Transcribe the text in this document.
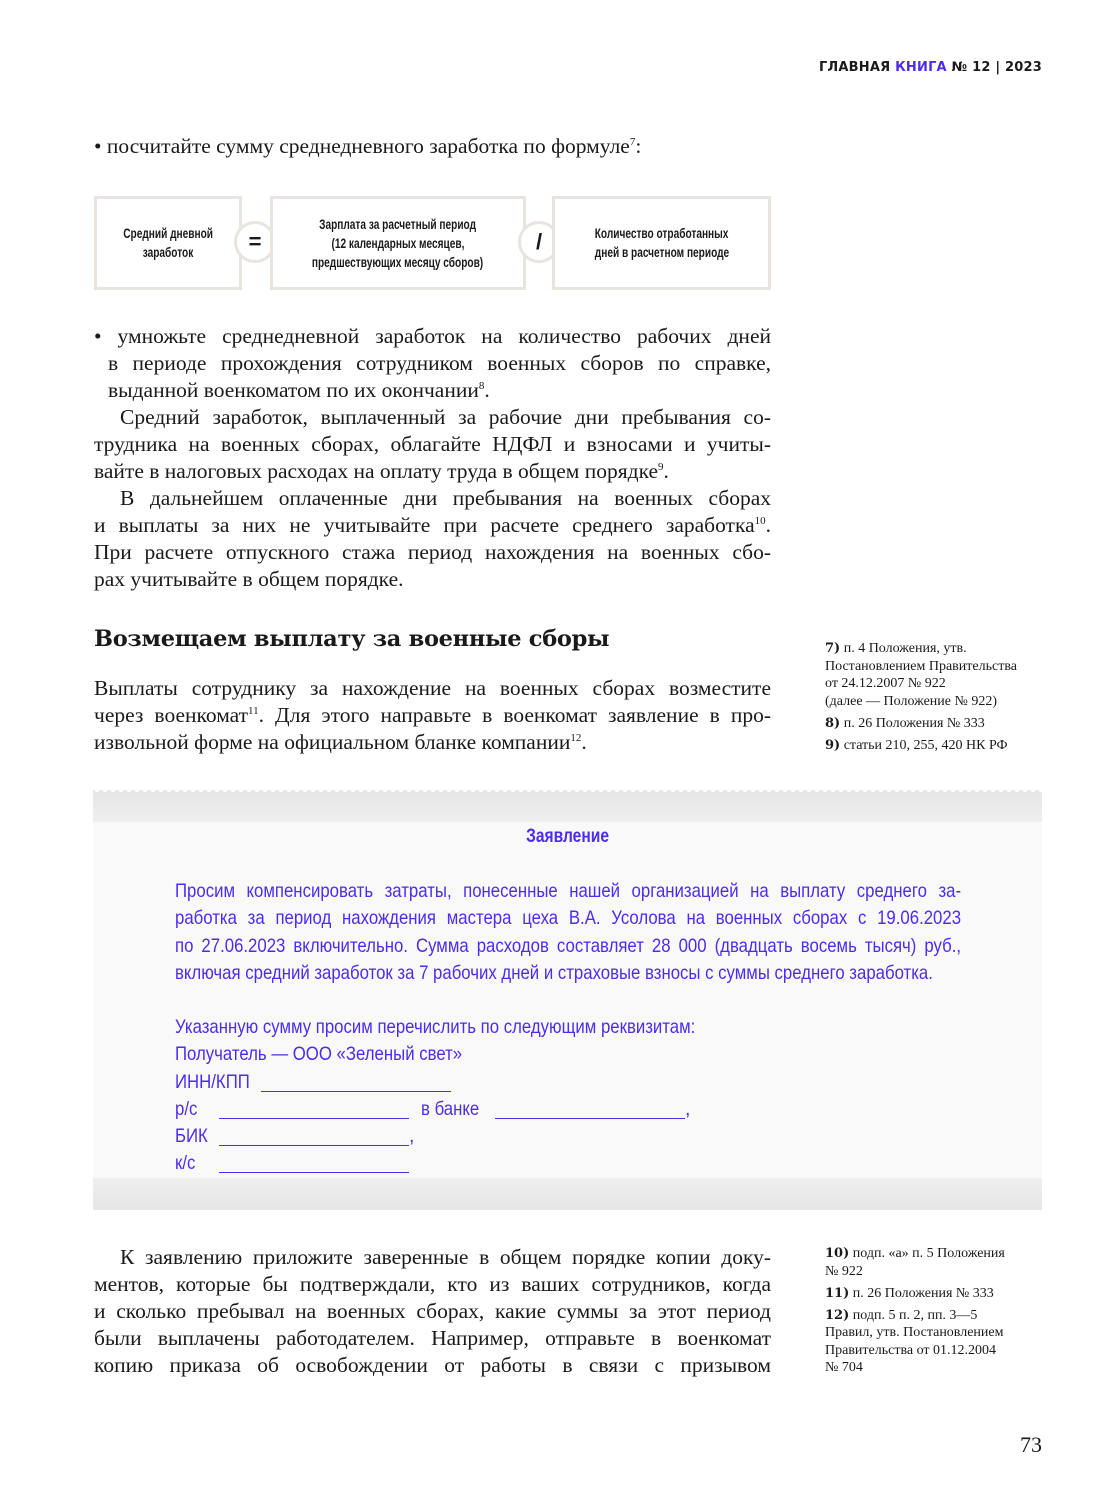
ГЛАВНАЯ КНИГА № 12 | 2023
• посчитайте сумму среднедневного заработка по формуле$^7$:
Средний дневной
заработок	=
Зарплата за расчетный период
(12 календарных месяцев,
предшествующих месяцу сборов)
/	Количество отработанных
дней в расчетном периоде
• умножьте среднедневной заработок на количество рабочих дней
в периоде прохождения сотрудником военных сборов по справке,
выданной военкоматом по их окончании$^8$.
Средний заработок, выплаченный за рабочие дни пребывания со-
трудника на военных сборах, облагайте НДФЛ и взносами и учиты-
вайте в налоговых расходах на оплату труда в общем порядке$^9$.
В дальнейшем оплаченные дни пребывания на военных сборах
и выплаты за них не учитывайте при расчете среднего заработка$^{10}$.
При расчете отпускного стажа период нахождения на военных сбо-
рах учитывайте в общем порядке.
Возмещаем выплату за военные сборы
Выплаты сотруднику за нахождение на военных сборах возместите
через военкомат$^{11}$. Для этого направьте в военкомат заявление в про-
извольной форме на официальном бланке компании$^{12}$.

7) п. 4 Положения, утв.
Постановлением Правительства
от 24.12.2007 № 922
(далее — Положение № 922)

8) п. 26 Положения № 333

9) статьи 210, 255, 420 НК РФ

Заявление
Просим компенсировать затраты, понесенные нашей организацией на выплату среднего за-
работка за период нахождения мастера цеха В.А. Усолова на военных сборах с 19.06.2023
по 27.06.2023 включительно. Сумма расходов составляет 28 000 (двадцать восемь тысяч) руб.,
включая средний заработок за 7 рабочих дней и страховые взносы с суммы среднего заработка.
Указанную сумму просим перечислить по следующим реквизитам:
Получатель — ООО «Зеленый свет»
ИНН/КПП
р/с	в банке	,
БИК	,
к/с
К заявлению приложите заверенные в общем порядке копии доку-
ментов, которые бы подтверждали, кто из ваших сотрудников, когда
и сколько пребывал на военных сборах, какие суммы за этот период
были выплачены работодателем. Например, отправьте в военкомат
копию приказа об освобождении от работы в связи с призывом

10) подп. «а» п. 5 Положения
№ 922

11) п. 26 Положения № 333

12) подп. 5 п. 2, пп. 3—5
Правил, утв. Постановлением
Правительства от 01.12.2004
№ 704

73
